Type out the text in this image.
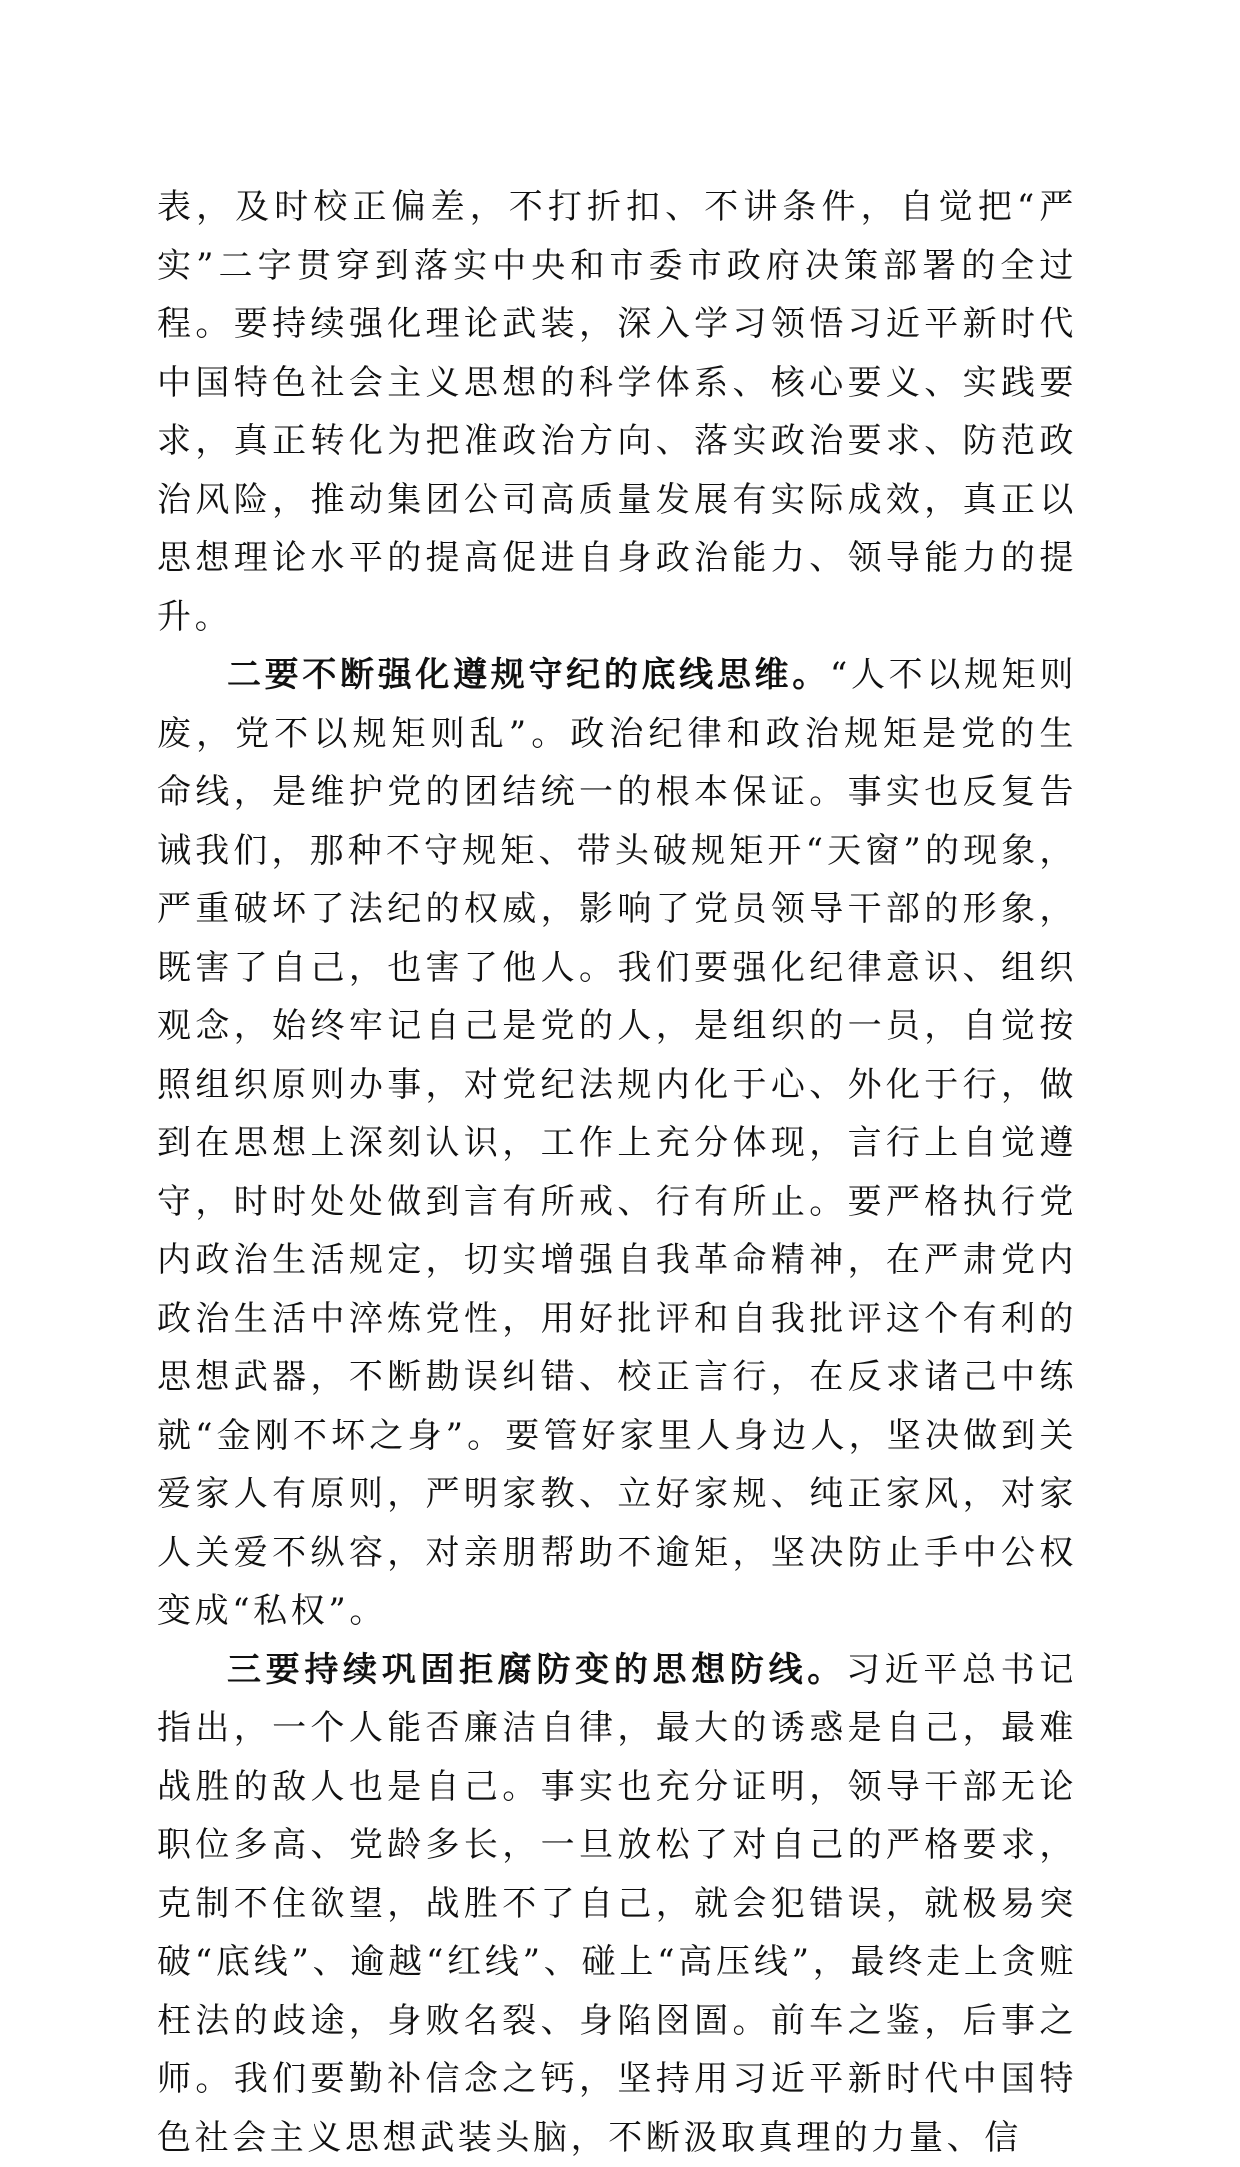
表，及时校正偏差，不打折扣、不讲条件，自觉把“严实”二字贯穿到落实中央和市委市政府决策部署的全过程。要持续强化理论武装，深入学习领悟习近平新时代中国特色社会主义思想的科学体系、核心要义、实践要求，真正转化为把准政治方向、落实政治要求、防范政治风险，推动集团公司高质量发展有实际成效，真正以思想理论水平的提高促进自身政治能力、领导能力的提升。

二要不断强化遵规守纪的底线思维。“人不以规矩则废，党不以规矩则乱”。政治纪律和政治规矩是党的生命线，是维护党的团结统一的根本保证。事实也反复告诫我们，那种不守规矩、带头破规矩开“天窗”的现象，严重破坏了法纪的权威，影响了党员领导干部的形象，既害了自己，也害了他人。我们要强化纪律意识、组织观念，始终牢记自己是党的人，是组织的一员，自觉按照组织原则办事，对党纪法规内化于心、外化于行，做到在思想上深刻认识，工作上充分体现，言行上自觉遵守，时时处处做到言有所戒、行有所止。要严格执行党内政治生活规定，切实增强自我革命精神，在严肃党内政治生活中淬炼党性，用好批评和自我批评这个有利的思想武器，不断勘误纠错、校正言行，在反求诸己中练就“金刚不坏之身”。要管好家里人身边人，坚决做到关爱家人有原则，严明家教、立好家规、纯正家风，对家人关爱不纵容，对亲朋帮助不逾矩，坚决防止手中公权变成“私权”。

三要持续巩固拒腐防变的思想防线。习近平总书记指出，一个人能否廉洁自律，最大的诱惑是自己，最难战胜的敌人也是自己。事实也充分证明，领导干部无论职位多高、党龄多长，一旦放松了对自己的严格要求，克制不住欲望，战胜不了自己，就会犯错误，就极易突破“底线”、逾越“红线”、碰上“高压线”，最终走上贪赃枉法的歧途，身败名裂、身陷囹圄。前车之鉴，后事之师。我们要勤补信念之钙，坚持用习近平新时代中国特色社会主义思想武装头脑，不断汲取真理的力量、信
